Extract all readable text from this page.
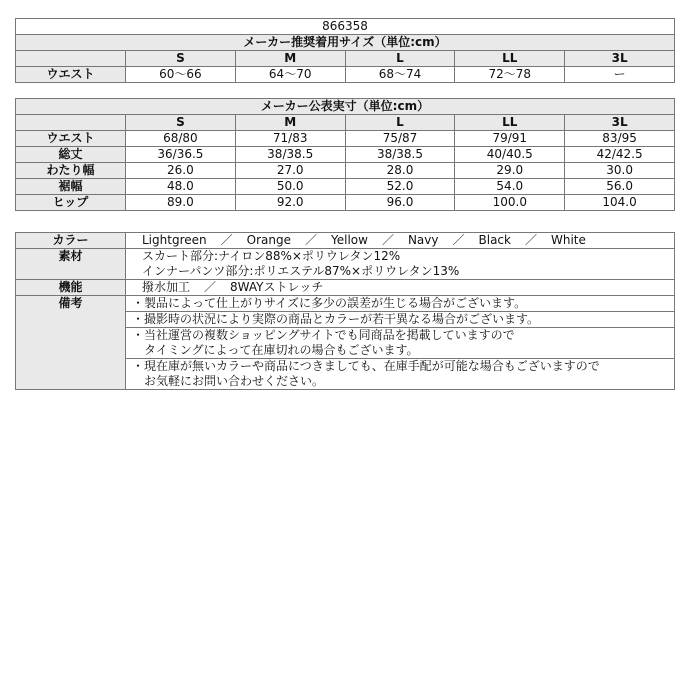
866358					
メーカー推奨着用サイズ（単位:cm）					
	S	M	L	LL	3L
ウエスト	60〜66	64〜70	68〜74	72〜78	ー
メーカー公表実寸（単位:cm）					
	S	M	L	LL	3L
ウエスト	68/80	71/83	75/87	79/91	83/95
総丈	36/36.5	38/38.5	38/38.5	40/40.5	42/42.5
わたり幅	26.0	27.0	28.0	29.0	30.0
裾幅	48.0	50.0	52.0	54.0	56.0
ヒップ	89.0	92.0	96.0	100.0	104.0
カラー	Lightgreen ／ Orange ／ Yellow ／ Navy ／ Black ／ White
素材	スカート部分:ナイロン88%×ポリウレタン12%
インナーパンツ部分:ポリエステル87%×ポリウレタン13%

機能	撥水加工 ／ 8WAYストレッチ
備考	・製品によって仕上がりサイズに多少の誤差が生じる場合がございます。

	・撮影時の状況により実際の商品とカラーが若干異なる場合がございます。

	・当社運営の複数ショッピングサイトでも同商品を掲載していますので
　タイミングによって在庫切れの場合もございます。

	・現在庫が無いカラーや商品につきましても、在庫手配が可能な場合もございますので
　お気軽にお問い合わせください。
